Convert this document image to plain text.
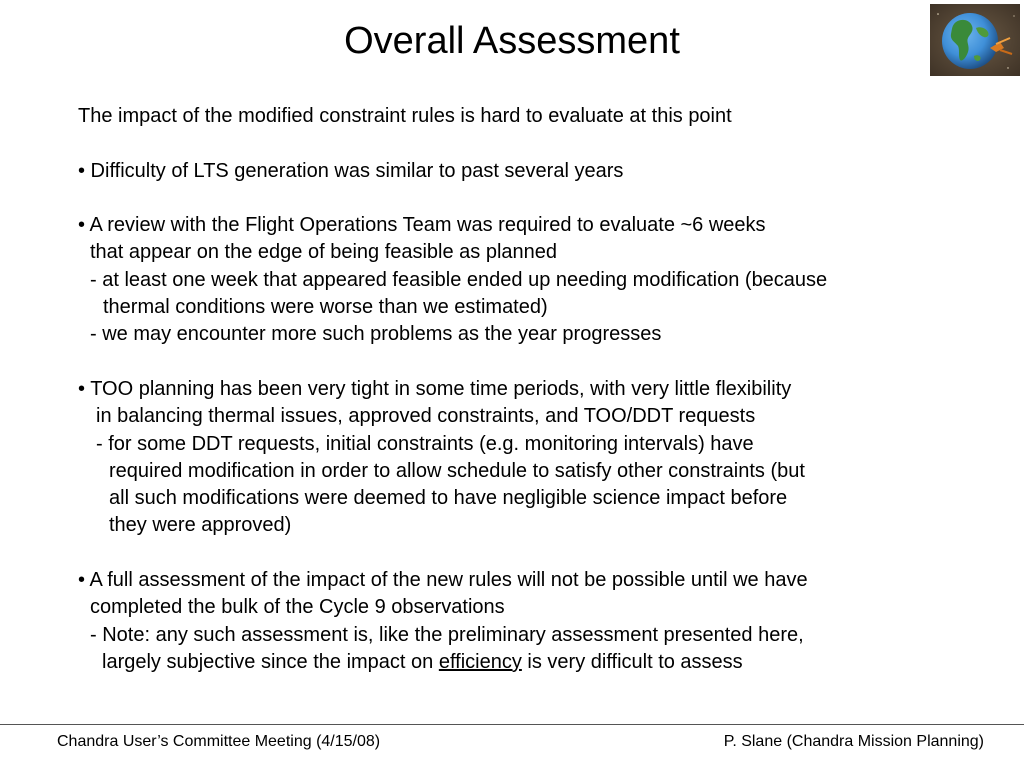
Overall Assessment
The impact of the modified constraint rules is hard to evaluate at this point
• Difficulty of LTS generation was similar to past several years
• A review with the Flight Operations Team was required to evaluate ~6 weeks
that appear on the edge of being feasible as planned
- at least one week that appeared feasible ended up needing modification (because
thermal conditions were worse than we estimated)
- we may encounter more such problems as the year progresses
• TOO planning has been very tight in some time periods, with very little flexibility
in balancing thermal issues, approved constraints, and TOO/DDT requests
- for some DDT requests, initial constraints (e.g. monitoring intervals) have
required modification in order to allow schedule to satisfy other constraints (but
all such modifications were deemed to have negligible science impact before
they were approved)
• A full assessment of the impact of the new rules will not be possible until we have
completed the bulk of the Cycle 9 observations
- Note: any such assessment is, like the preliminary assessment presented here,
largely subjective since the impact on efficiency is very difficult to assess
Chandra User’s Committee Meeting (4/15/08)	P. Slane (Chandra Mission Planning)
